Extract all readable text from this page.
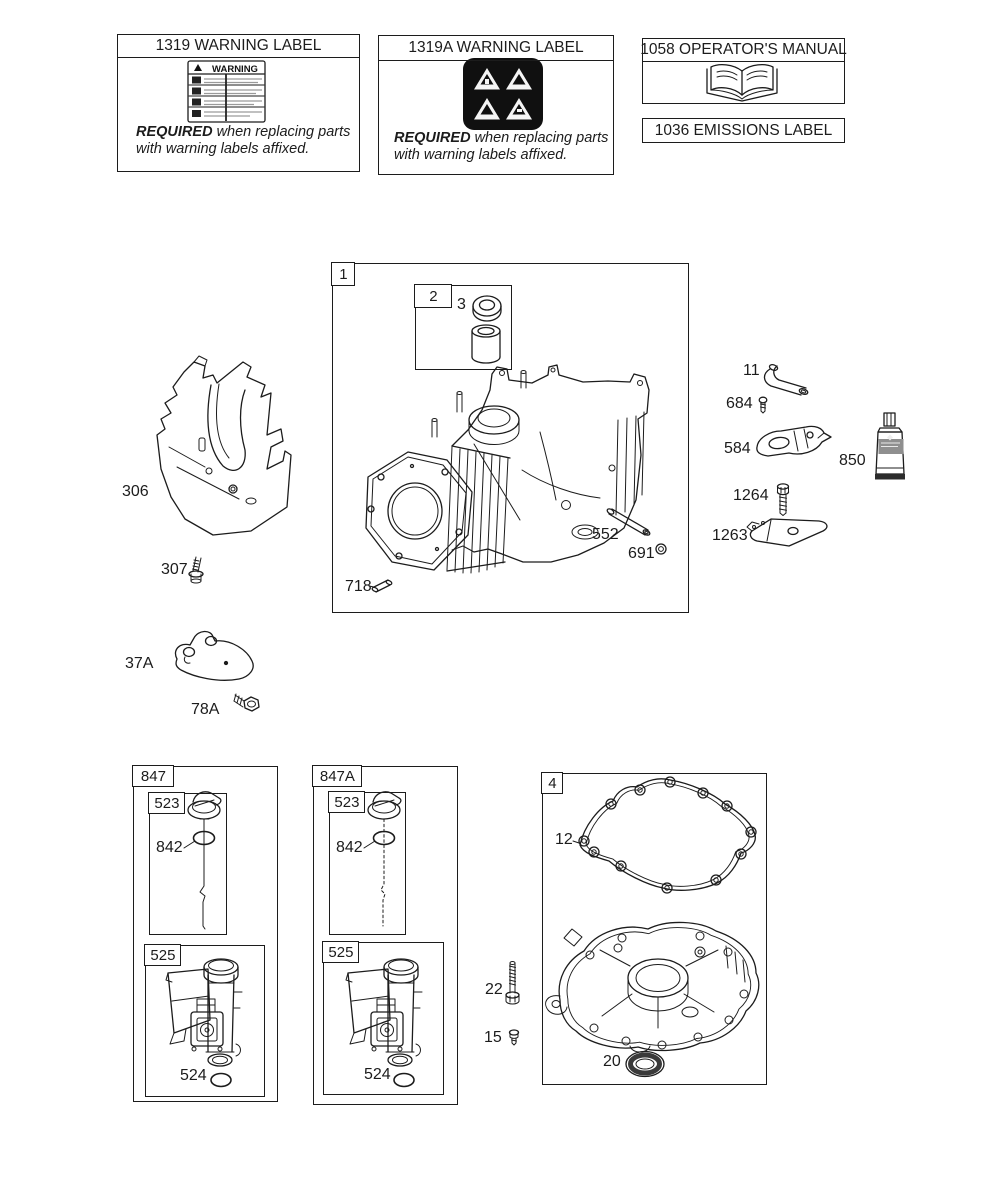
WARNING
1319 WARNING LABEL
REQUIRED when replacing parts
with warning labels affixed.
1319A WARNING LABEL
REQUIRED when replacing parts
with warning labels affixed.
1058 OPERATOR'S MANUAL
1036 EMISSIONS LABEL
1
2
847
523
525
847A
523
525
4
3
306
307
37A
78A
718
552
691
11
684
584
850
1264
1263
842	842
524	524
12
22
15
20
